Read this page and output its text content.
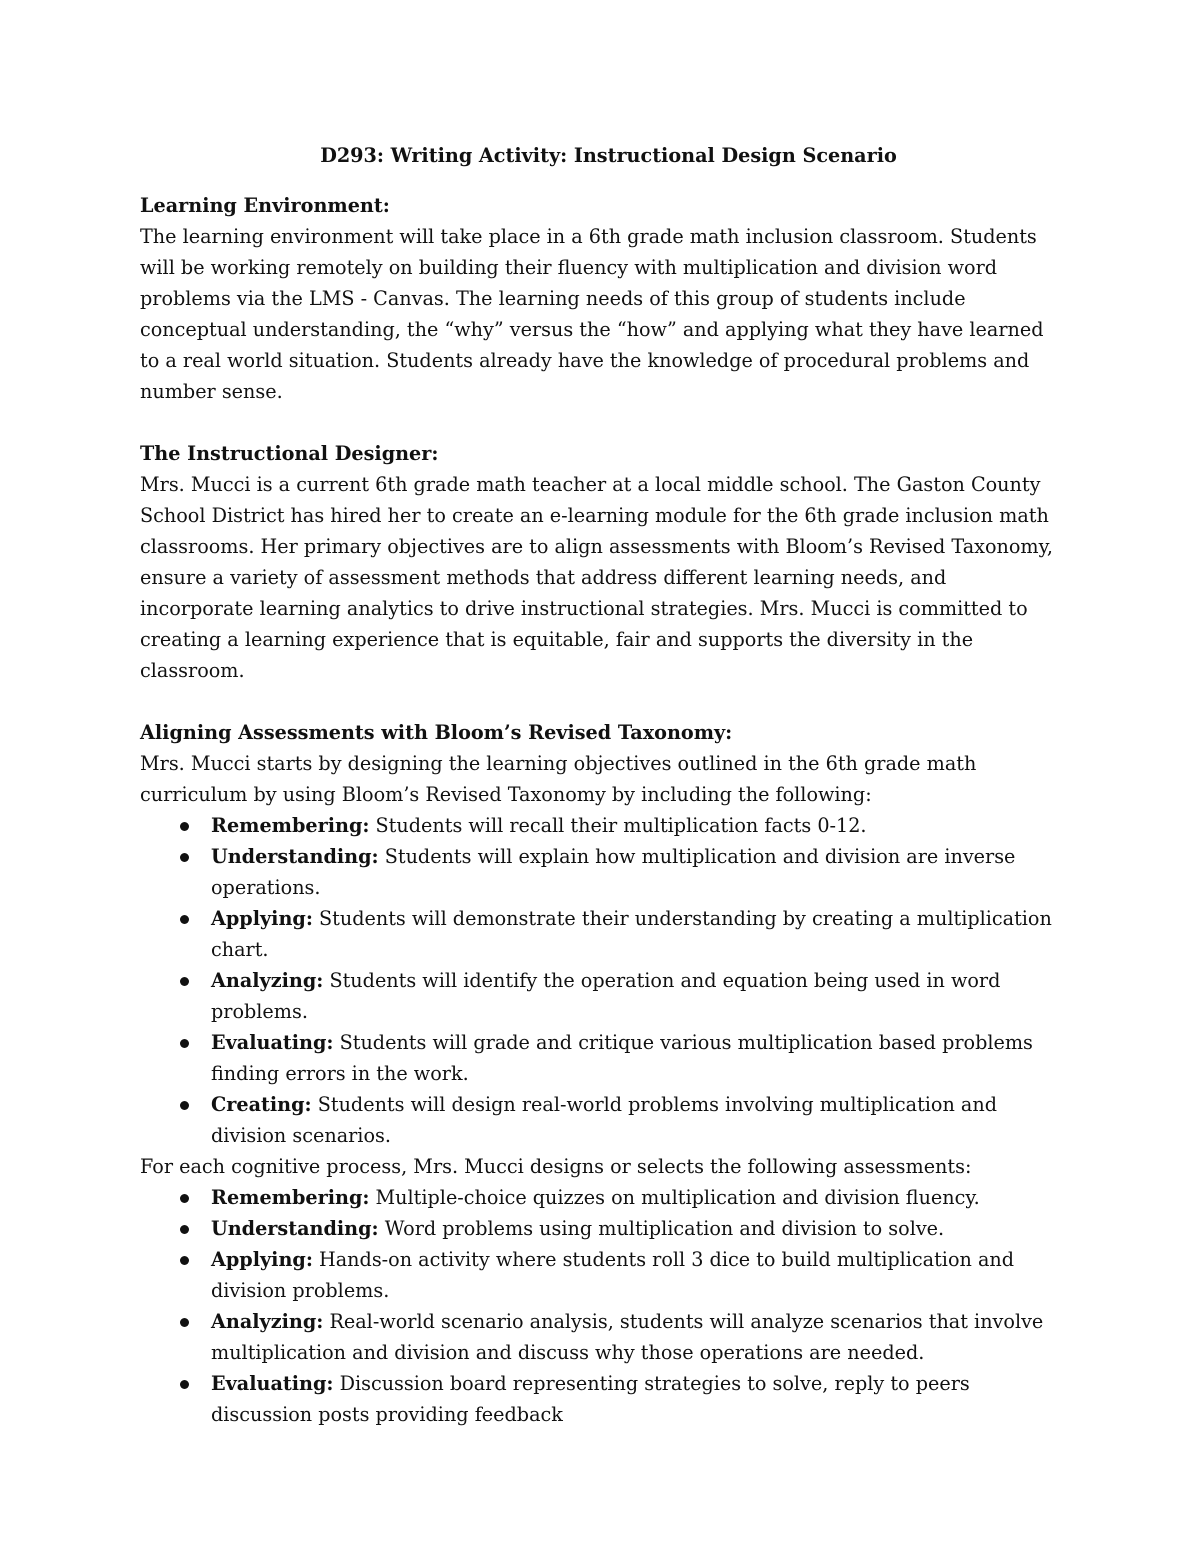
D293: Writing Activity: Instructional Design Scenario

Learning Environment:

The learning environment will take place in a 6th grade math inclusion classroom. Students will be working remotely on building their fluency with multiplication and division word problems via the LMS - Canvas. The learning needs of this group of students include conceptual understanding, the “why” versus the “how” and applying what they have learned to a real world situation. Students already have the knowledge of procedural problems and number sense.

The Instructional Designer:

Mrs. Mucci is a current 6th grade math teacher at a local middle school. The Gaston County School District has hired her to create an e-learning module for the 6th grade inclusion math classrooms. Her primary objectives are to align assessments with Bloom’s Revised Taxonomy, ensure a variety of assessment methods that address different learning needs, and incorporate learning analytics to drive instructional strategies. Mrs. Mucci is committed to creating a learning experience that is equitable, fair and supports the diversity in the classroom.

Aligning Assessments with Bloom’s Revised Taxonomy:

Mrs. Mucci starts by designing the learning objectives outlined in the 6th grade math curriculum by using Bloom’s Revised Taxonomy by including the following:

Remembering: Students will recall their multiplication facts 0-12.
Understanding: Students will explain how multiplication and division are inverse operations.
Applying: Students will demonstrate their understanding by creating a multiplication chart.
Analyzing: Students will identify the operation and equation being used in word problems.
Evaluating: Students will grade and critique various multiplication based problems finding errors in the work.
Creating: Students will design real-world problems involving multiplication and division scenarios.

For each cognitive process, Mrs. Mucci designs or selects the following assessments:

Remembering: Multiple-choice quizzes on multiplication and division fluency.
Understanding: Word problems using multiplication and division to solve.
Applying: Hands-on activity where students roll 3 dice to build multiplication and division problems.
Analyzing: Real-world scenario analysis, students will analyze scenarios that involve multiplication and division and discuss why those operations are needed.
Evaluating: Discussion board representing strategies to solve, reply to peers discussion posts providing feedback
